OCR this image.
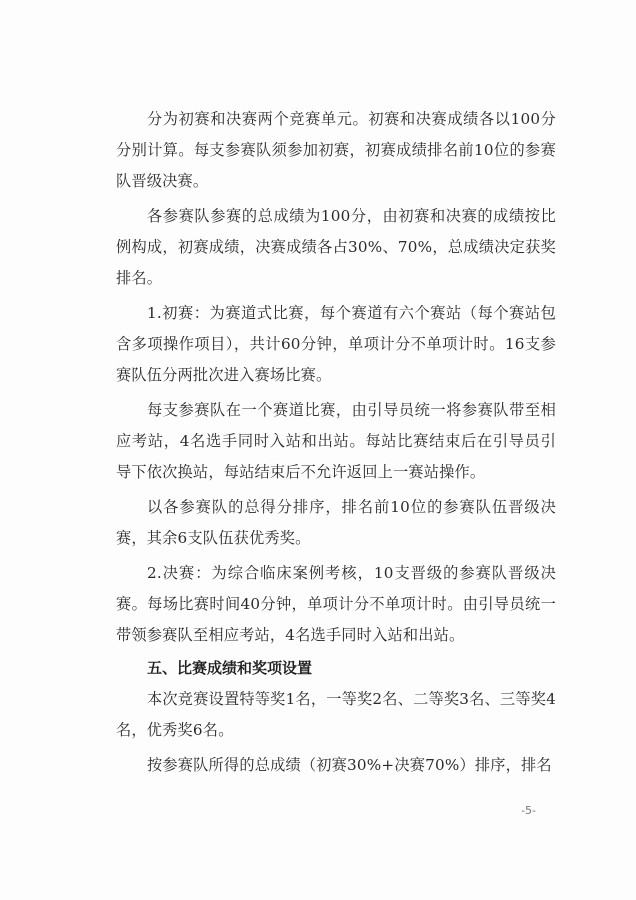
分为初赛和决赛两个竞赛单元。初赛和决赛成绩各以100分分别计算。每支参赛队须参加初赛，初赛成绩排名前10位的参赛队晋级决赛。

各参赛队参赛的总成绩为100分，由初赛和决赛的成绩按比例构成，初赛成绩，决赛成绩各占30%、70%，总成绩决定获奖排名。

1.初赛：为赛道式比赛，每个赛道有六个赛站（每个赛站包含多项操作项目），共计60分钟，单项计分不单项计时。16支参赛队伍分两批次进入赛场比赛。

每支参赛队在一个赛道比赛，由引导员统一将参赛队带至相应考站，4名选手同时入站和出站。每站比赛结束后在引导员引导下依次换站，每站结束后不允许返回上一赛站操作。

以各参赛队的总得分排序，排名前10位的参赛队伍晋级决赛，其余6支队伍获优秀奖。

2.决赛：为综合临床案例考核，10支晋级的参赛队晋级决赛。每场比赛时间40分钟，单项计分不单项计时。由引导员统一带领参赛队至相应考站，4名选手同时入站和出站。

五、比赛成绩和奖项设置

本次竞赛设置特等奖1名，一等奖2名、二等奖3名、三等奖4名，优秀奖6名。

按参赛队所得的总成绩（初赛30%+决赛70%）排序，排名

-5-
